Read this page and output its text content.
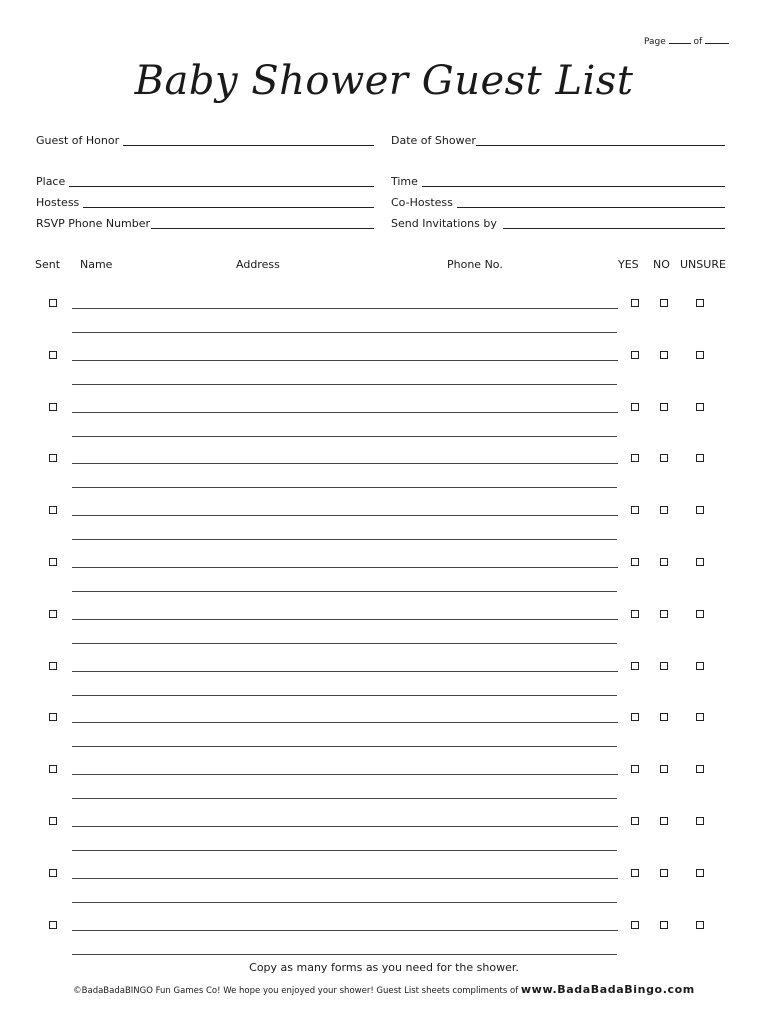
Page	of
Baby Shower Guest List
Guest of Honor	Date of Shower
Place	Time
Hostess	Co-Hostess
RSVP Phone Number	Send Invitations by
Sent Name	Address	Phone No.	YES NO UNSURE
Copy as many forms as you need for the shower.
©BadaBadaBINGO Fun Games Co! We hope you enjoyed your shower! Guest List sheets compliments of www.BadaBadaBingo.com
